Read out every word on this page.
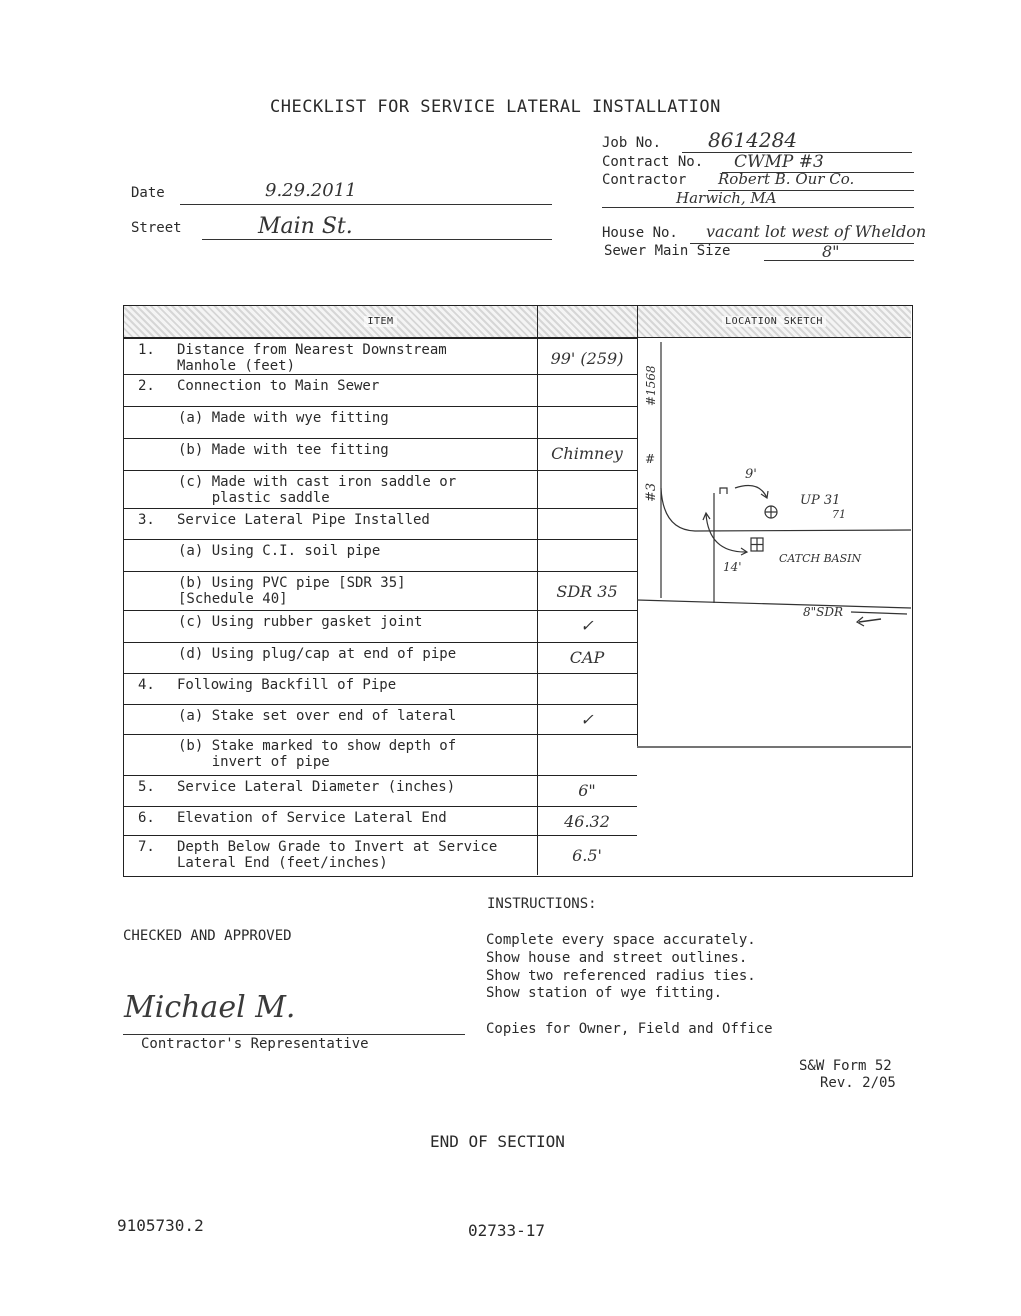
CHECKLIST FOR SERVICE LATERAL INSTALLATION
Job No. 8614284
Contract No. CWMP #3
Contractor Robert B. Our Co.
Harwich, MA
House No. vacant lot west of Wheldon
Sewer Main Size	8"
Date	9.29.2011
Street	Main St.
ITEM	LOCATION SKETCH
1. Distance from Nearest Downstream
Manhole (feet)	99' (259)
2. Connection to Main Sewer
(a) Made with wye fitting
(b) Made with tee fitting	Chimney
(c) Made with cast iron saddle or
plastic saddle
3. Service Lateral Pipe Installed
(a) Using C.I. soil pipe
(b) Using PVC pipe [SDR 35]
[Schedule 40]	SDR 35
(c) Using rubber gasket joint	✓
(d) Using plug/cap at end of pipe	CAP
4. Following Backfill of Pipe
(a) Stake set over end of lateral	✓
(b) Stake marked to show depth of
invert of pipe
5. Service Lateral Diameter (inches)	6"
6. Elevation of Service Lateral End	46.32
7. Depth Below Grade to Invert at Service
Lateral End (feet/inches)	6.5'
#1568
#
#3
9'
14'
UP 31
71
CATCH BASIN
8"SDR
INSTRUCTIONS:
Complete every space accurately.
Show house and street outlines.
Show two referenced radius ties.
Show station of wye fitting.
Copies for Owner, Field and Office
CHECKED AND APPROVED
Michael M.
Contractor's Representative
S&W Form 52
Rev. 2/05
END OF SECTION
9105730.2	02733-17
